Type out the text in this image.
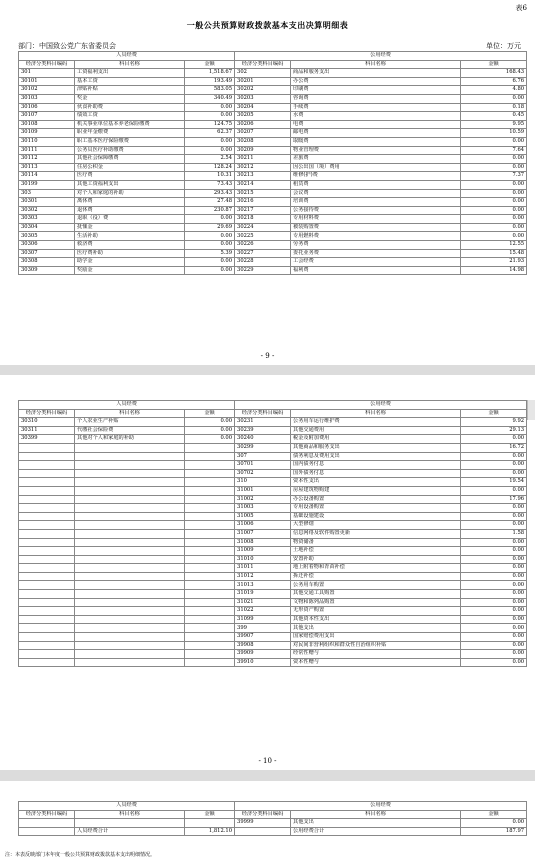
表6
一般公共预算财政拨款基本支出决算明细表
部门：中国致公党广东省委员会	单位：万元
人员经费			公用经费		
经济分类科目编码	科目名称	金额	经济分类科目编码	科目名称	金额
301	工资福利支出	1,518.67	302	商品和服务支出	168.43
30101	基本工资	193.49	30201	办公费	6.76
30102	津贴补贴	583.05	30202	印刷费	4.80
30103	奖金	340.49	30203	咨询费	0.00
30106	伙食补助费	0.00	30204	手续费	0.18
30107	绩效工资	0.00	30205	水费	0.45
30108	机关事业单位基本养老保险缴费	124.75	30206	电费	9.95
30109	职业年金缴费	62.37	30207	邮电费	10.59
30110	职工基本医疗保险缴费	0.00	30208	取暖费	0.00
30111	公务员医疗补助缴费	0.00	30209	物业管理费	7.64
30112	其他社会保障缴费	2.54	30211	差旅费	0.00
30113	住房公积金	128.24	30212	因公出国（境）费用	0.00
30114	医疗费	10.31	30213	维修(护)费	7.37
30199	其他工资福利支出	73.43	30214	租赁费	0.00
303	对个人和家庭的补助	293.43	30215	会议费	0.00
30301	离休费	27.48	30216	培训费	0.00
30302	退休费	230.87	30217	公务接待费	0.00
30303	退职（役）费	0.00	30218	专用材料费	0.00
30304	抚恤金	29.69	30224	被装购置费	0.00
30305	生活补助	0.00	30225	专用燃料费	0.00
30306	救济费	0.00	30226	劳务费	12.55
30307	医疗费补助	5.39	30227	委托业务费	15.48
30308	助学金	0.00	30228	工会经费	21.93
30309	奖励金	0.00	30229	福利费	14.98
- 9 -
人员经费			公用经费		
经济分类科目编码	科目名称	金额	经济分类科目编码	科目名称	金额
30310	个人农业生产补贴	0.00	30231	公务用车运行维护费	9.92
30311	代缴社会保险费	0.00	30239	其他交通费用	29.13
30399	其他对个人和家庭的补助	0.00	30240	税金及附加费用	0.00
			30299	其他商品和服务支出	16.72
			307	债务利息及费用支出	0.00
			30701	国内债务付息	0.00
			30702	国外债务付息	0.00
			310	资本性支出	19.54
			31001	房屋建筑物购建	0.00
			31002	办公设备购置	17.96
			31003	专用设备购置	0.00
			31005	基础设施建设	0.00
			31006	大型修缮	0.00
			31007	信息网络及软件购置更新	1.58
			31008	物资储备	0.00
			31009	土地补偿	0.00
			31010	安置补助	0.00
			31011	地上附着物和青苗补偿	0.00
			31012	拆迁补偿	0.00
			31013	公务用车购置	0.00
			31019	其他交通工具购置	0.00
			31021	文物和陈列品购置	0.00
			31022	无形资产购置	0.00
			31099	其他资本性支出	0.00
			399	其他支出	0.00
			39907	国家赔偿费用支出	0.00
			39908	对民间非营利组织和群众性自治组织补贴	0.00
			39909	经常性赠与	0.00
			39910	资本性赠与	0.00
- 10 -
人员经费			公用经费		
经济分类科目编码	科目名称	金额	经济分类科目编码	科目名称	金额
			39999	其他支出	0.00
	人员经费合计	1,812.10		公用经费合计	187.97
注：本表反映部门本年度一般公共预算财政拨款基本支出明细情况。
